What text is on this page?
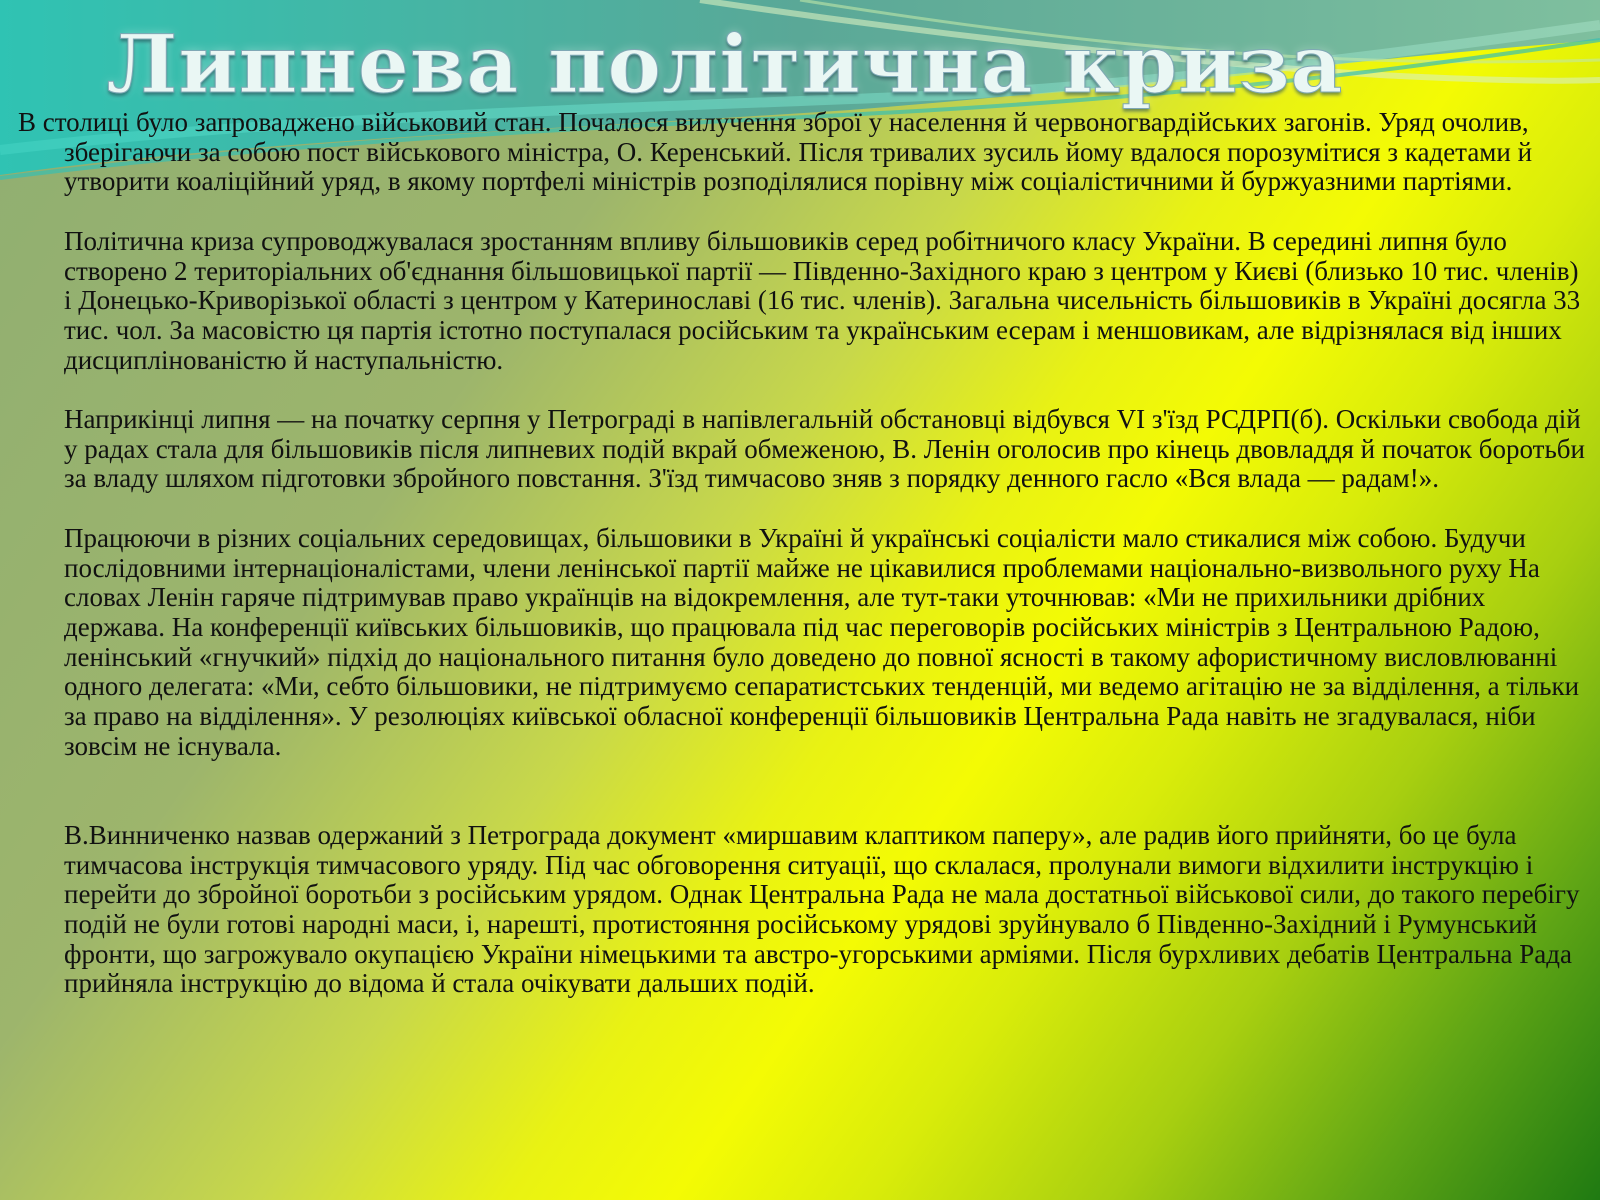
Липнева політична криза

В столиці було запроваджено військовий стан. Почалося вилучення зброї у населення й червоногвардійських загонів. Уряд очолив, зберігаючи за собою пост військового міністра, О. Керенський. Після тривалих зусиль йому вдалося порозумітися з кадетами й утворити коаліційний уряд, в якому портфелі міністрів розподілялися порівну між соціалістичними й буржуазними партіями.

Політична криза супроводжувалася зростанням впливу більшовиків серед робітничого класу України. В середині липня було створено 2 територіальних об'єднання більшовицької партії — Південно-Західного краю з центром у Києві (близько 10 тис. членів) і Донецько-Криворізької області з центром у Катеринославі (16 тис. членів). Загальна чисельність більшовиків в Україні досягла 33 тис. чол. За масовістю ця партія істотно поступалася російським та українським есерам і меншовикам, але відрізнялася від інших дисциплінованістю й наступальністю.

Наприкінці липня — на початку серпня у Петрограді в напівлегальній обстановці відбувся VI з'їзд РСДРП(б). Оскільки свобода дій у радах стала для більшовиків після липневих подій вкрай обмеженою, В. Ленін оголосив про кінець двовладдя й початок боротьби за владу шляхом підготовки збройного повстання. З'їзд тимчасово зняв з порядку денного гасло «Вся влада — радам!».

Працюючи в різних соціальних середовищах, більшовики в Україні й українські соціалісти мало стикалися між собою. Будучи послідовними інтернаціоналістами, члени ленінської партії майже не цікавилися проблемами національно-визвольного руху На словах Ленін гаряче підтримував право українців на відокремлення, але тут-таки уточнював: «Ми не прихильники дрібних держава. На конференції київських більшовиків, що працювала під час переговорів російських міністрів з Центральною Радою, ленінський «гнучкий» підхід до національного питання було доведено до повної ясності в такому афористичному висловлюванні одного делегата: «Ми, себто більшовики, не підтримуємо сепаратистських тенденцій, ми ведемо агітацію не за відділення, а тільки за право на відділення». У резолюціях київської обласної конференції більшовиків Центральна Рада навіть не згадувалася, ніби зовсім не існувала.

В.Винниченко назвав одержаний з Петрограда документ «миршавим клаптиком паперу», але радив його прийняти, бо це була тимчасова інструкція тимчасового уряду. Під час обговорення ситуації, що склалася, пролунали вимоги відхилити інструкцію і перейти до збройної боротьби з російським урядом. Однак Центральна Рада не мала достатньої військової сили, до такого перебігу подій не були готові народні маси, і, нарешті, протистояння російському урядові зруйнувало б Південно-Західний і Румунський фронти, що загрожувало окупацією України німецькими та австро-угорськими арміями. Після бурхливих дебатів Центральна Рада прийняла інструкцію до відома й стала очікувати дальших подій.
